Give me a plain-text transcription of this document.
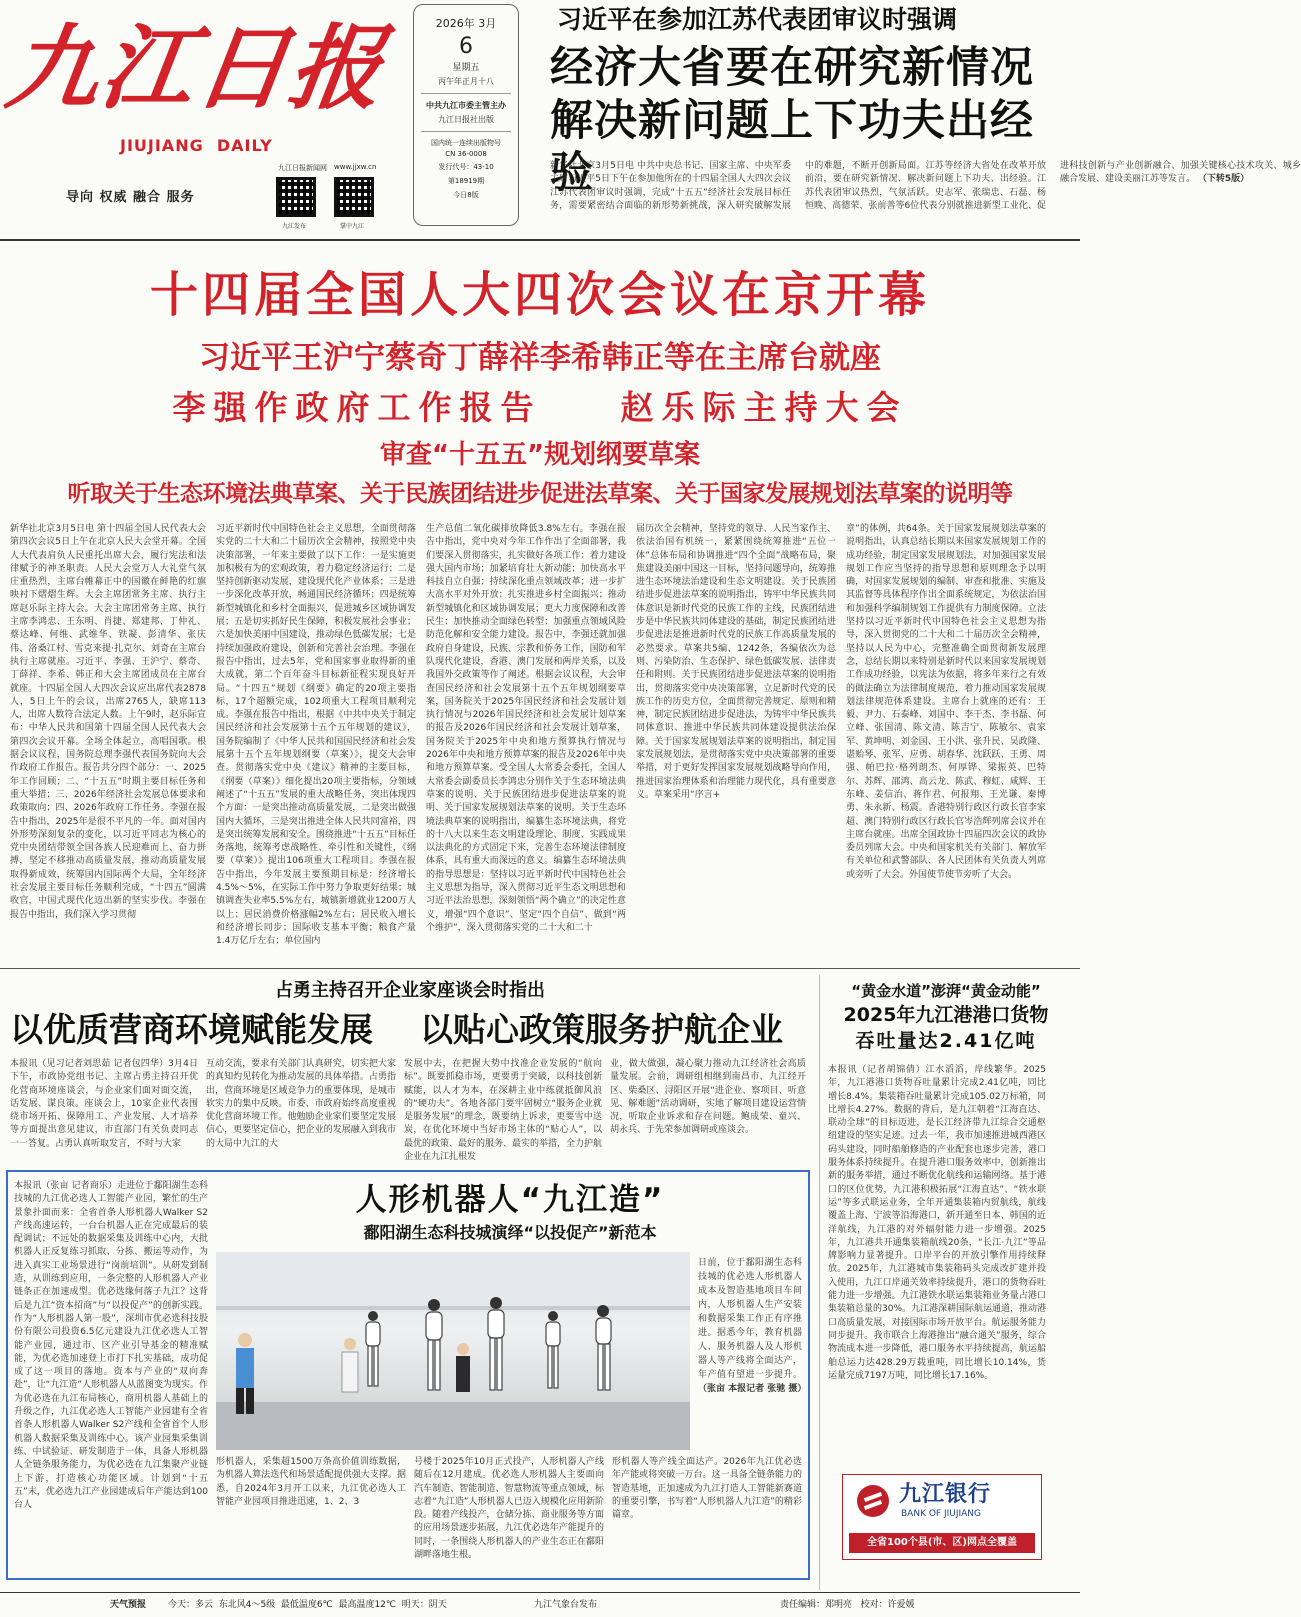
九江日报
JIUJIANG  DAILY
导向 权威 融合 服务
九江日报新闻网 www.jjxw.cn
九江发布	掌中九江
2026年 3月
6
星期五
丙午年正月十八
中共九江市委主管主办
九江日报社出版
国内统一连续出版物号
CN 36-0008
发行代号：43-10
第18919期
今日8版
习近平在参加江苏代表团审议时强调
经济大省要在研究新情况
解决新问题上下功夫出经验
新华社北京3月5日电 中共中央总书记、国家主席、中央军委主席习近平5日下午在参加他所在的十四届全国人大四次会议江苏代表团审议时强调，完成“十五五”经济社会发展目标任务，需要紧密结合面临的新形势新挑战，深入研究破解发展中的难题，不断开创新局面。江苏等经济大省处在改革开放前沿，要在研究新情况、解决新问题上下功夫、出经验。江苏代表团审议热烈，气氛活跃。史志军、张瑞忠、石磊、杨恒晚、高德荣、张前善等6位代表分别就推进新型工业化、促进科技创新与产业创新融合、加强关键核心技术攻关、城乡融合发展、建设美丽江苏等发言。 （下转5版）
十四届全国人大四次会议在京开幕
习近平王沪宁蔡奇丁薛祥李希韩正等在主席台就座
李强作政府工作报告 赵乐际主持大会
审查“十五五”规划纲要草案
听取关于生态环境法典草案、关于民族团结进步促进法草案、关于国家发展规划法草案的说明等
新华社北京3月5日电 第十四届全国人民代表大会第四次会议5日上午在北京人民大会堂开幕。全国人大代表肩负人民重托出席大会，履行宪法和法律赋予的神圣职责。人民大会堂万人大礼堂气氛庄重热烈，主席台帷幕正中的国徽在鲜艳的红旗映衬下熠熠生辉。大会主席团常务主席、执行主席赵乐际主持大会。大会主席团常务主席、执行主席李鸿忠、王东明、肖捷、郑建邦、丁仲礼、蔡达峰、何维、武维华、铁凝、彭清华、张庆伟、洛桑江村、雪克来提·扎克尔、刘奇在主席台执行主席就座。习近平、李强、王沪宁、蔡奇、丁薛祥、李希、韩正和大会主席团成员在主席台就座。十四届全国人大四次会议应出席代表2878人，5日上午的会议，出席2765人，缺席113人，出席人数符合法定人数。上午9时，赵乐际宣布：中华人民共和国第十四届全国人民代表大会第四次会议开幕。全场全体起立，高唱国歌。根据会议议程，国务院总理李强代表国务院向大会作政府工作报告。报告共分四个部分：一、2025年工作回顾；二、“十五五”时期主要目标任务和重大举措；三、2026年经济社会发展总体要求和政策取向；四、2026年政府工作任务。李强在报告中指出，2025年是很不平凡的一年。面对国内外形势深刻复杂的变化，以习近平同志为核心的党中央团结带领全国各族人民迎难而上、奋力拼搏，坚定不移推动高质量发展，推动高质量发展取得新成效，统筹国内国际两个大局，全年经济社会发展主要目标任务顺利完成，“十四五”圆满收官，中国式现代化迈出新的坚实步伐。李强在报告中指出，我们深入学习贯彻
习近平新时代中国特色社会主义思想，全面贯彻落实党的二十大和二十届历次全会精神，按照党中央决策部署，一年来主要做了以下工作：一是实施更加积极有为的宏观政策，着力稳定经济运行；二是坚持创新驱动发展，建设现代化产业体系；三是进一步深化改革开放，畅通国民经济循环；四是统筹新型城镇化和乡村全面振兴，促进城乡区域协调发展；五是切实抓好民生保障，积极发展社会事业；六是加快美丽中国建设，推动绿色低碳发展；七是持续加强政府建设，创新和完善社会治理。李强在报告中指出，过去5年，党和国家事业取得新的重大成就，第二个百年奋斗目标新征程实现良好开局。“十四五”规划《纲要》确定的20项主要指标，17个超额完成，102项重大工程项目顺利完成。李强在报告中指出，根据《中共中央关于制定国民经济和社会发展第十五个五年规划的建议》，国务院编制了《中华人民共和国国民经济和社会发展第十五个五年规划纲要（草案）》，提交大会审查。贯彻落实党中央《建议》精神的主要目标，《纲要（草案）》细化提出20项主要指标，分领域阐述了“十五五”发展的重大战略任务，突出体现四个方面：一是突出推动高质量发展，二是突出做强国内大循环，三是突出推进全体人民共同富裕，四是突出统筹发展和安全。围绕推进“十五五”目标任务落地，统筹考虑战略性、牵引性和关键性，《纲要（草案）》提出106项重大工程项目。李强在报告中指出，今年发展主要预期目标是：经济增长4.5%～5%，在实际工作中努力争取更好结果；城镇调查失业率5.5%左右，城镇新增就业1200万人以上；居民消费价格涨幅2%左右；居民收入增长和经济增长同步；国际收支基本平衡；粮食产量1.4万亿斤左右；单位国内
生产总值二氧化碳排放降低3.8%左右。李强在报告中指出，党中央对今年工作作出了全面部署，我们要深入贯彻落实，扎实做好各项工作：着力建设强大国内市场；加紧培育壮大新动能；加快高水平科技自立自强；持续深化重点领域改革；进一步扩大高水平对外开放；扎实推进乡村全面振兴；推动新型城镇化和区域协调发展；更大力度保障和改善民生；加快推动全面绿色转型；加强重点领域风险防范化解和安全能力建设。报告中，李强还就加强政府自身建设，民族、宗教和侨务工作，国防和军队现代化建设，香港、澳门发展和两岸关系，以及我国外交政策等作了阐述。根据会议议程，大会审查国民经济和社会发展第十五个五年规划纲要草案，国务院关于2025年国民经济和社会发展计划执行情况与2026年国民经济和社会发展计划草案的报告及2026年国民经济和社会发展计划草案，国务院关于2025年中央和地方预算执行情况与2026年中央和地方预算草案的报告及2026年中央和地方预算草案。受全国人大常委会委托，全国人大常委会副委员长李鸿忠分别作关于生态环境法典草案的说明、关于民族团结进步促进法草案的说明、关于国家发展规划法草案的说明。关于生态环境法典草案的说明指出，编纂生态环境法典，将党的十八大以来生态文明建设理论、制度、实践成果以法典化的方式固定下来，完善生态环境法律制度体系，具有重大而深远的意义。编纂生态环境法典的指导思想是：坚持以习近平新时代中国特色社会主义思想为指导，深入贯彻习近平生态文明思想和习近平法治思想，深刻领悟“两个确立”的决定性意义，增强“四个意识”、坚定“四个自信”、做到“两个维护”，深入贯彻落实党的二十大和二十
届历次全会精神，坚持党的领导、人民当家作主、依法治国有机统一，紧紧围绕统筹推进“五位一体”总体布局和协调推进“四个全面”战略布局，聚焦建设美丽中国这一目标，坚持问题导向，统筹推进生态环境法治建设和生态文明建设。关于民族团结进步促进法草案的说明指出，铸牢中华民族共同体意识是新时代党的民族工作的主线，民族团结进步是中华民族共同体建设的基础，制定民族团结进步促进法是推进新时代党的民族工作高质量发展的必然要求。草案共5编、1242条，各编依次为总则、污染防治、生态保护、绿色低碳发展、法律责任和附则。关于民族团结进步促进法草案的说明指出，贯彻落实党中央决策部署，立足新时代党的民族工作的历史方位，全面贯彻完善规定、原则和精神，制定民族团结进步促进法，为铸牢中华民族共同体意识、推进中华民族共同体建设提供法治保障。关于国家发展规划法草案的说明指出，制定国家发展规划法，是贯彻落实党中央决策部署的重要举措，对于更好发挥国家发展规划战略导向作用，推进国家治理体系和治理能力现代化，具有重要意义。草案采用“序言+
章”的体例，共64条。关于国家发展规划法草案的说明指出，认真总结长期以来国家发展规划工作的成功经验，制定国家发展规划法，对加强国家发展规划工作应当坚持的指导思想和原则理念予以明确，对国家发展规划的编制、审查和批准、实施及其监督等具体程序作出全面系统规定，为依法治国和加强科学编制规划工作提供有力制度保障。立法坚持以习近平新时代中国特色社会主义思想为指导，深入贯彻党的二十大和二十届历次全会精神，坚持以人民为中心，完整准确全面贯彻新发展理念，总结长期以来特别是新时代以来国家发展规划工作成功经验，以宪法为依据，将多年来行之有效的做法确立为法律制度规范，着力推动国家发展规划法律规范体系建设。主席台上就座的还有：王毅、尹力、石泰峰、刘国中、李干杰、李书磊、何立峰、张国清、陈文清、陈吉宁、陈敏尔、袁家军、黄坤明、刘金国、王小洪、张升民、吴政隆、谌贻琴、张军、应勇、胡春华、沈跃跃、王勇、周强、帕巴拉·格列朗杰、何厚铧、梁振英、巴特尔、苏辉、邵鸿、高云龙、陈武、穆虹、咸辉、王东峰、姜信治、蒋作君、何报翔、王光谦、秦博勇、朱永新、杨震。香港特别行政区行政长官李家超、澳门特别行政区行政长官岑浩辉列席会议并在主席台就座。出席全国政协十四届四次会议的政协委员列席大会。中央和国家机关有关部门、解放军有关单位和武警部队、各人民团体有关负责人列席或旁听了大会。外国使节使节旁听了大会。
占勇主持召开企业家座谈会时指出
以优质营商环境赋能发展 以贴心政策服务护航企业
本报讯（见习记者刘思茹 记者包四华）3月4日下午，市政协党组书记、主席占勇主持召开优化营商环境座谈会，与企业家们面对面交流，话发展、谋良策。座谈会上，10家企业代表围绕市场开拓、保障用工、产业发展、人才培养等方面提出意见建议，市直部门有关负责同志一一答复。占勇认真听取发言，不时与大家
互动交流，要求有关部门认真研究，切实把大家的真知灼见转化为推动发展的具体举措。占勇指出，营商环境是区域竞争力的重要体现，是城市软实力的集中反映。市委、市政府始终高度重视优化营商环境工作。他勉励企业家们要坚定发展信心，更要坚定信心，把企业的发展融入到我市的大局中九江的大
发展中去，在把握大势中找准企业发展的“航向标”。既要抓稳市场，更要勇于突破，以科技创新赋能，以人才为本，在深耕主业中练就抵御风浪的“硬功夫”。各地各部门要牢固树立“服务企业就是服务发展”的理念，既要纳上诉求，更要雪中送炭，在优化环境中当好市场主体的“贴心人”，以最优的政策、最好的服务、最实的举措，全力护航企业在九江扎根发
业，做大做强，凝心聚力推动九江经济社会高质量发展。会前，调研组相继到南昌市、九江经开区、柴桑区、浔阳区开展“进企业、察项目、听意见、解难题”活动调研，实地了解项目建设运营情况，听取企业诉求和存在问题。鲍成荣、童兴、胡永兵、于先荣参加调研或座谈会。
“黄金水道”澎湃“黄金动能”
2025年九江港港口货物
吞吐量达2.41亿吨
本报讯（记者胡锦倩）江水滔滔，岸线繁华。2025年，九江港港口货物吞吐量累计完成2.41亿吨，同比增长8.4%。集装箱吞吐量累计完成105.02万标箱，同比增长4.27%。数据的背后，是九江朝着“江海直达、联动全球”的目标迈进，是长江经济带九江综合交通枢纽建设的坚实足迹。过去一年，我市加速推进城西港区码头建设，同时船舶修造的产业配套也逐步完善，港口服务体系持续提升。在提升港口服务效率中，创新推出新的服务举措，通过不断优化航线和运输网络。基于港口的区位优势，九江港积极拓展“江海直达”、“铁水联运”等多式联运业务，全年开通集装箱内贸航线，航线覆盖上海、宁波等沿海港口，新开通至日本、韩国的近洋航线，九江港的对外辐射能力进一步增强。2025年，九江港共开通集装箱航线20条，“长江·九江”等品牌影响力显著提升。口岸平台的开放引擎作用持续释放。2025年，九江港城市集装箱码头完成改扩建并投入使用，九江口岸通关效率持续提升，港口的货物吞吐能力进一步增强。九江港铁水联运集装箱业务量占港口集装箱总量的30%。九江港深耕国际航运通道，推动港口高质量发展，对接国际市场开放平台。航运服务能力同步提升。我市联合上海港推出“融合通关”服务，综合物流成本进一步降低，港口服务水平持续提高，航运船舶总运力达428.29万载重吨，同比增长10.14%，货运量完成7197万吨，同比增长17.16%。
九江银行
BANK OF JIUJIANG
全省100个县(市、区)网点全覆盖
本报讯（张亩 记者商乐）走进位于鄱阳湖生态科技城的九江优必选人工智能产业园，繁忙的生产景象扑面而来：全省首条人形机器人Walker S2产线高速运转，一台台机器人正在完成最后的装配调试；不远处的数据采集及训练中心内，大批机器人正反复练习抓取、分拣、搬运等动作，为进入真实工业场景进行“岗前培训”。从研发到制造，从训练到应用，一条完整的人形机器人产业链条正在加速成型。优必选缘何落子九江？这背后是九江“资本招商”与“以投促产”的创新实践。作为“人形机器人第一股”，深圳市优必选科技股份有限公司投资6.5亿元建设九江优必选人工智能产业园，通过市、区产业引导基金的精准赋能，为优必选加速登上市打下扎实基础，成功促成了这一项目的落地。资本与产业的“双向奔赴”，让“九江造”人形机器人从蓝图变为现实。作为优必选在九江布局核心，商用机器人基础上的升级之作，九江优必选人工智能产业园建有全省首条人形机器人Walker S2产线和全省首个人形机器人数据采集及训练中心。该产业园集采集训练、中试验证、研发制造于一体，具备人形机器人全链条服务能力，为优必选在九江集聚产业链上下游，打造核心功能区域。计划到“十五五”末，优必选九江产业园建成后年产能达到100台人
人形机器人“九江造”
鄱阳湖生态科技城演绎“以投促产”新范本
日前，位于鄱阳湖生态科技城的优必选人形机器人成本及智造基地项目车间内，人形机器人生产安装和数据采集工作正有序推进。据悉今年，教育机器人、服务机器人及人形机器人等产线将全面达产，年产值有望进一步提升。 （张亩 本报记者 张驰 摄）
形机器人，采集超1500万条高价值训练数据，为机器人算法迭代和场景适配提供强大支撑。据悉，自2024年3月开工以来，九江优必选人工智能产业园项目推进迅速，1、2、3
号楼于2025年10月正式投产，人形机器人产线随后在12月建成。优必选人形机器人主要面向汽车制造、智能制造、智慧物流等重点领域，标志着“九江造”人形机器人已迈入规模化应用新阶段。随着产线投产，仓储分拣、商业服务等方面的应用场景逐步拓展，九江优必选年产能提升的同时，一条围绕人形机器人的产业生态正在鄱阳湖畔落地生根。
形机器人等产线全面达产。2026年九江优必选年产能或将突破一万台。这一具备全链条能力的智造基地，正加速成为九江打造人工智能新赛道的重要引擎，书写着“人形机器人九江造”的精彩篇章。
天气预报 今天：多云  东北风4～5级  最低温度6℃  最高温度12℃  明天：阴天	九江气象台发布	责任编辑：郑明亮   校对：许爱媛
